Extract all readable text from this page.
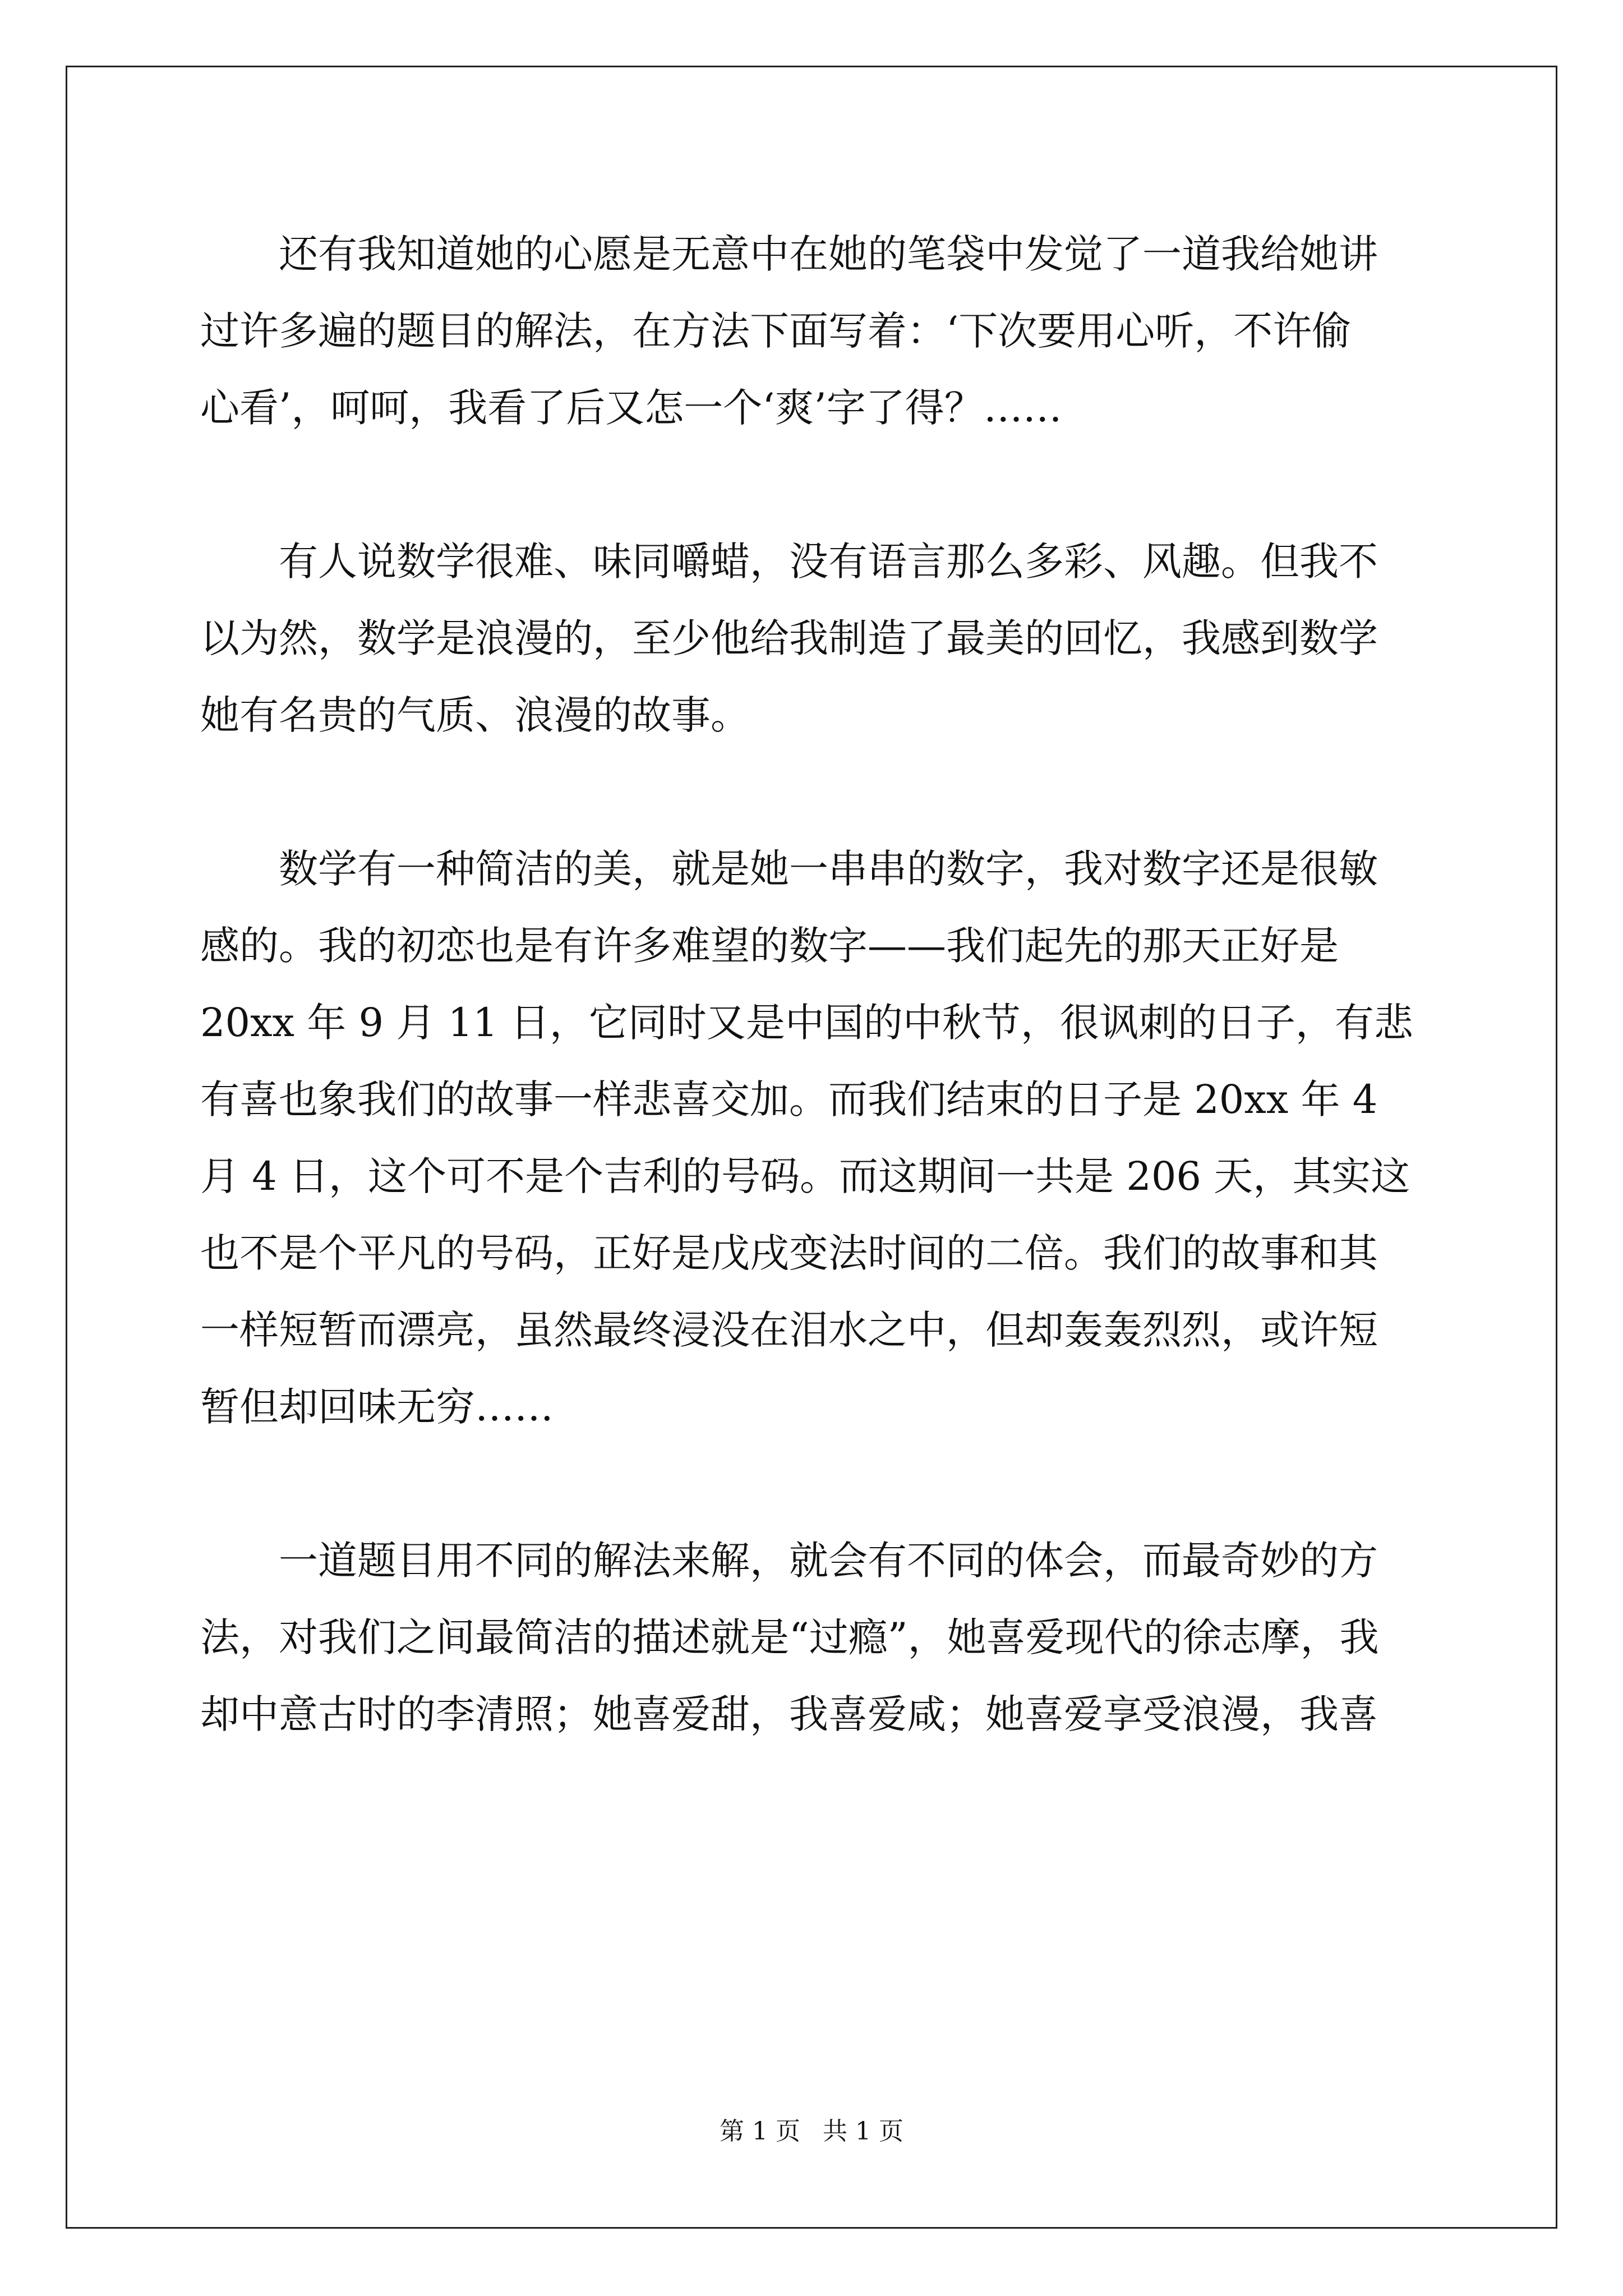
还有我知道她的心愿是无意中在她的笔袋中发觉了一道我给她讲
过许多遍的题目的解法，在方法下面写着：‘下次要用心听，不许偷
心看’，呵呵，我看了后又怎一个‘爽’字了得？……
有人说数学很难、味同嚼蜡，没有语言那么多彩、风趣。但我不
以为然，数学是浪漫的，至少他给我制造了最美的回忆，我感到数学
她有名贵的气质、浪漫的故事。
数学有一种简洁的美，就是她一串串的数字，我对数字还是很敏
感的。我的初恋也是有许多难望的数字——我们起先的那天正好是
20xx 年 9 月 11 日，它同时又是中国的中秋节，很讽刺的日子，有悲
有喜也象我们的故事一样悲喜交加。而我们结束的日子是 20xx 年 4
月 4 日，这个可不是个吉利的号码。而这期间一共是 206 天，其实这
也不是个平凡的号码，正好是戊戌变法时间的二倍。我们的故事和其
一样短暂而漂亮，虽然最终浸没在泪水之中，但却轰轰烈烈，或许短
暂但却回味无穷……
一道题目用不同的解法来解，就会有不同的体会，而最奇妙的方
法，对我们之间最简洁的描述就是“过瘾”，她喜爱现代的徐志摩，我
却中意古时的李清照；她喜爱甜，我喜爱咸；她喜爱享受浪漫，我喜
第 1 页 共 1 页
